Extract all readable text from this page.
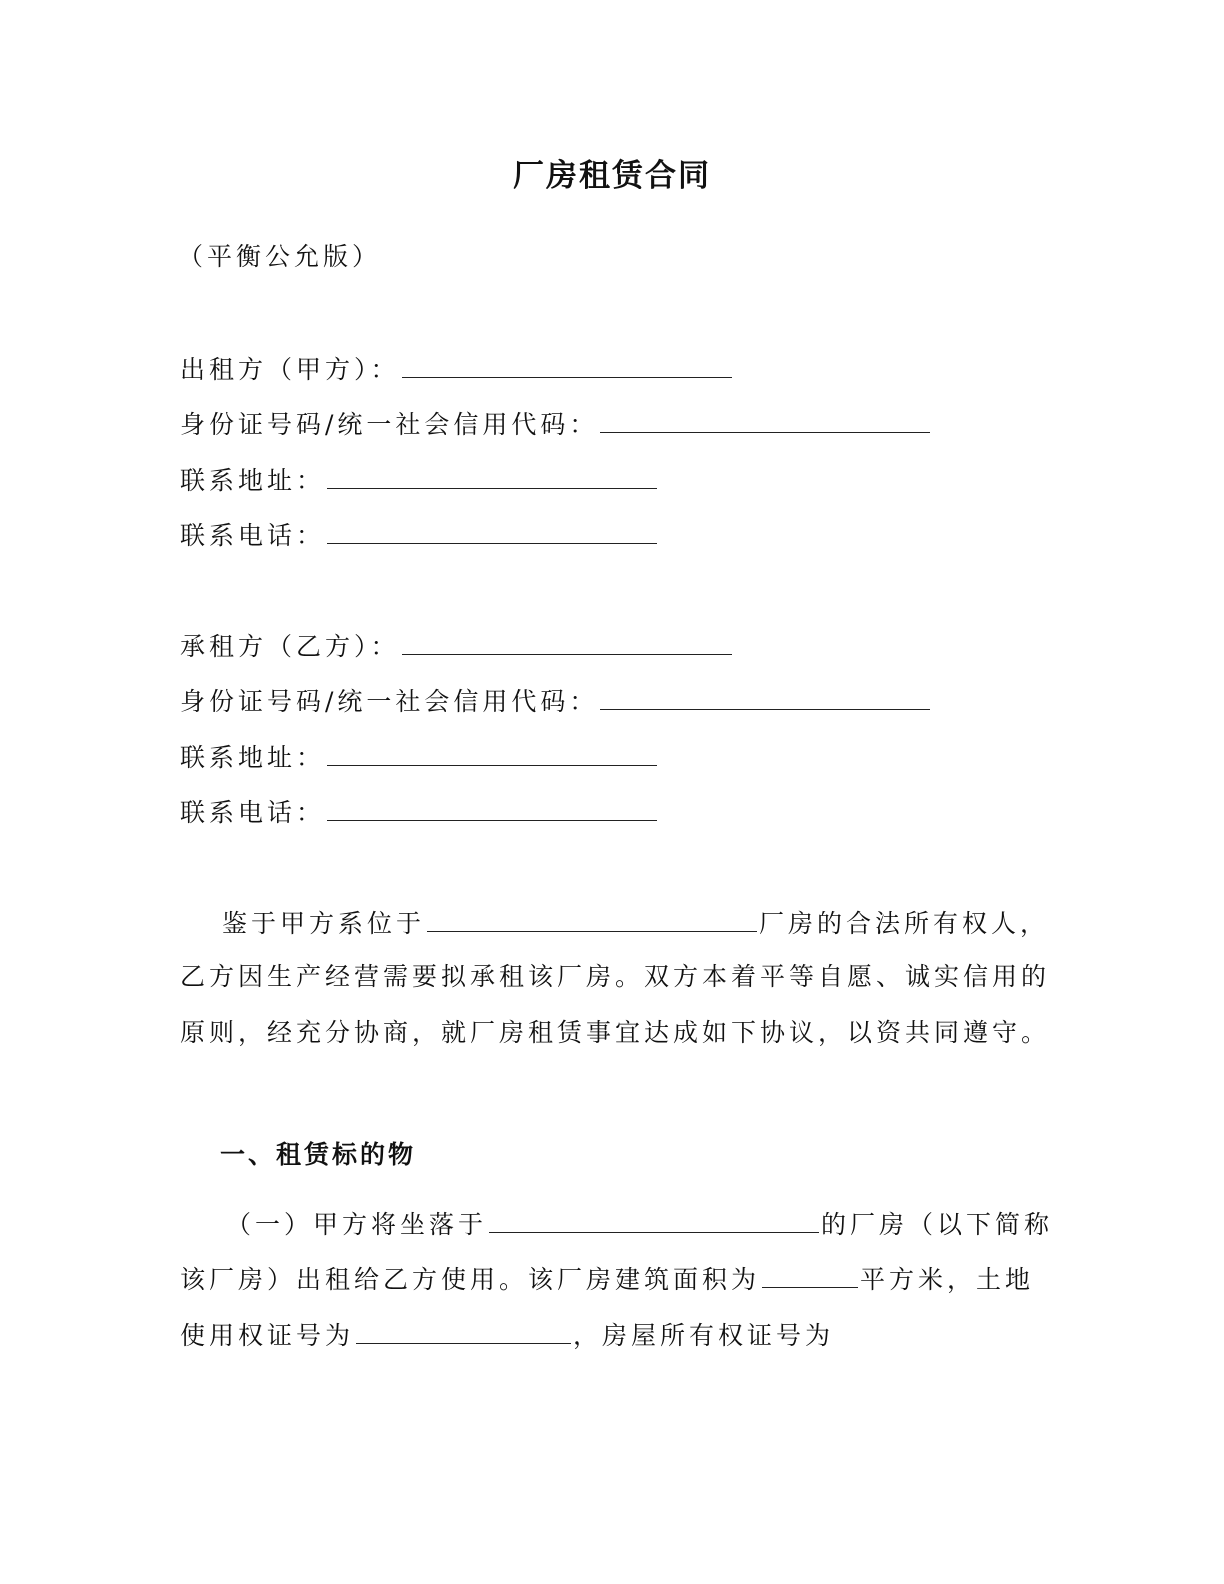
厂房租赁合同
（平衡公允版）
出租方（甲方）：
身份证号码/统一社会信用代码：
联系地址：
联系电话：
承租方（乙方）：
身份证号码/统一社会信用代码：
联系地址：
联系电话：
鉴于甲方系位于	厂房的合法所有权人，
乙方因生产经营需要拟承租该厂房。双方本着平等自愿、诚实信用的
原则，经充分协商，就厂房租赁事宜达成如下协议，以资共同遵守。
一、租赁标的物
（一）甲方将坐落于	的厂房（以下简称
该厂房）出租给乙方使用。该厂房建筑面积为	平方米，土地
使用权证号为	，房屋所有权证号为
